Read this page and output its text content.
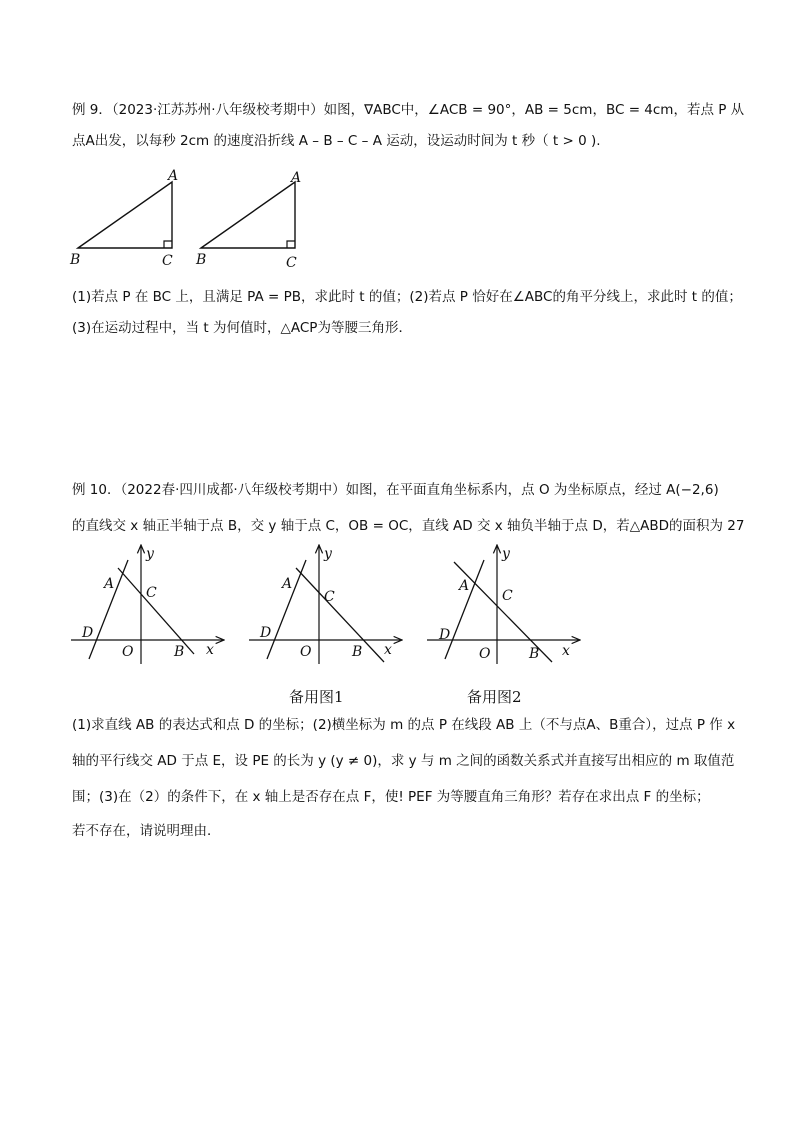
例 9．（2023·江苏苏州·八年级校考期中）如图，∇ABC中，∠ACB = 90°，AB = 5cm，BC = 4cm，若点 P 从
点A出发，以每秒 2cm 的速度沿折线 A – B – C – A 运动，设运动时间为 t 秒（ t > 0 ).
A
B	C
A
B	C
(1)若点 P 在 BC 上，且满足 PA = PB，求此时 t 的值；(2)若点 P 恰好在∠ABC的角平分线上，求此时 t 的值；
(3)在运动过程中，当 t 为何值时，△ACP为等腰三角形．
例 10．（2022春·四川成都·八年级校考期中）如图，在平面直角坐标系内，点 O 为坐标原点，经过 A(−2,6)
的直线交 x 轴正半轴于点 B，交 y 轴于点 C，OB = OC，直线 AD 交 x 轴负半轴于点 D，若△ABD的面积为 27
y
A
C
D
O	B x
y
A
C
D
O	B x
y
A
C
D
O	B x
备用图1	备用图2
(1)求直线 AB 的表达式和点 D 的坐标；(2)横坐标为 m 的点 P 在线段 AB 上（不与点A、B重合），过点 P 作 x
轴的平行线交 AD 于点 E，设 PE 的长为 y (y ≠ 0)，求 y 与 m 之间的函数关系式并直接写出相应的 m 取值范
围；(3)在（2）的条件下，在 x 轴上是否存在点 F，使! PEF 为等腰直角三角形？若存在求出点 F 的坐标；
若不存在，请说明理由．
